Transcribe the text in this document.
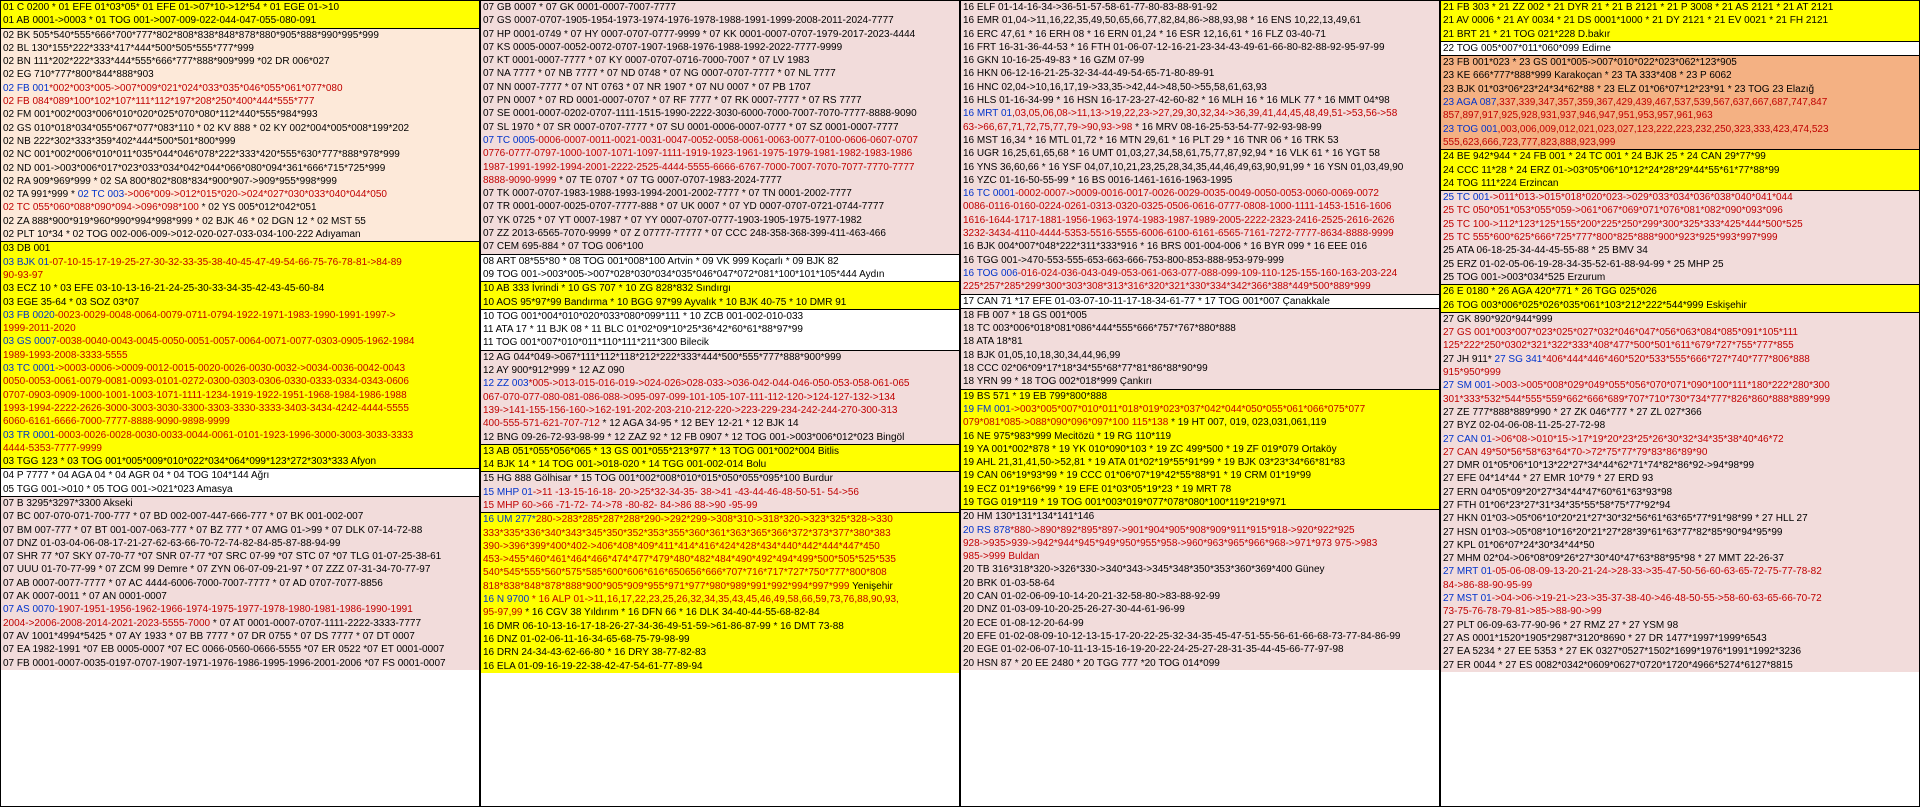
01 C 0200 * 01 EFE 01*03*05* 01 EFE 01->07*10->12*54 * 01 EGE 01->10
01 AB 0001->0003 * 01 TOG 001->007-009-022-044-047-055-080-091
02 BK 505*540*555*666*700*777*802*808*838*848*878*880*905*888*990*995*999
02 BL 130*155*222*333*417*444*500*505*555*777*999
02 BN 111*202*222*333*444*555*666*777*888*909*999 *02 DR 006*027
02 EG 710*777*800*844*888*903
02 FB 001*002*003*005->007*009*021*024*033*035*046*055*061*077*080
02 FB 084*089*100*102*107*111*112*197*208*250*400*444*555*777
02 FM 001*002*003*006*010*020*025*070*080*112*440*555*984*993
02 GS 010*018*034*055*067*077*083*110 * 02 KV 888 * 02 KY 002*004*005*008*199*202
02 NB 222*302*333*359*402*444*500*501*800*999
02 NC 001*002*006*010*011*035*044*046*078*222*333*420*555*630*777*888*978*999
02 ND 001->003*006*017*023*033*034*042*044*066*080*094*361*666*715*725*999
02 RA 909*969*999 * 02 SA 800*802*808*834*900*907->909*955*998*999
02 TA 991*999 * 02 TC 003->006*009->012*015*020->024*027*030*033*040*044*050
02 TC 055*060*088*090*094->096*098*100 * 02 YS 005*012*042*051
02 ZA 888*900*919*960*990*994*998*999 * 02 BJK 46 * 02 DGN 12 * 02 MST 55
02 PLT 10*34 * 02 TOG 002-006-009->012-020-027-033-034-100-222 Adıyaman
03 DB 001
03 BJK 01-07-10-15-17-19-25-27-30-32-33-35-38-40-45-47-49-54-66-75-76-78-81->84-89
90-93-97
03 ECZ 10 * 03 EFE 03-10-13-16-21-24-25-30-33-34-35-42-43-45-60-84
03 EGE 35-64 * 03 SOZ 03*07
03 FB 0020-0023-0029-0048-0064-0079-0711-0794-1922-1971-1983-1990-1991-1997->
1999-2011-2020
03 GS 0007-0038-0040-0043-0045-0050-0051-0057-0064-0071-0077-0303-0905-1962-1984
1989-1993-2008-3333-5555
03 TC 0001->0003-0006->0009-0012-0015-0020-0026-0030-0032->0034-0036-0042-0043
0050-0053-0061-0079-0081-0093-0101-0272-0300-0303-0306-0330-0333-0334-0343-0606
0707-0903-0909-1000-1001-1003-1071-1111-1234-1919-1922-1951-1968-1984-1986-1988
1993-1994-2222-2626-3000-3003-3030-3300-3303-3330-3333-3403-3434-4242-4444-5555
6060-6161-6666-7000-7777-8888-9090-9898-9999
03 TR 0001-0003-0026-0028-0030-0033-0044-0061-0101-1923-1996-3000-3003-3033-3333
4444-5353-7777-9999
03 TGG 123 * 03 TOG 001*005*009*010*022*034*064*099*123*272*303*333 Afyon
04 P 7777 * 04 AGA 04 * 04 AGR 04 * 04 TOG 104*144 Ağrı
05 TGG 001->010 * 05 TOG 001->021*023 Amasya
07 B 3295*3297*3300 Akseki
07 BC 007-070-071-700-777 * 07 BD 002-007-447-666-777 * 07 BK 001-002-007
07 BM 007-777 * 07 BT 001-007-063-777 * 07 BZ 777 * 07 AMG 01->99 * 07 DLK 07-14-72-88
07 DNZ 01-03-04-06-08-17-21-27-62-63-66-70-72-74-82-84-85-87-88-94-99
07 SHR 77 *07 SKY 07-70-77 *07 SNR 07-77 *07 SRC 07-99 *07 STC 07 *07 TLG 01-07-25-38-61
07 UUU 01-70-77-99 * 07 ZCM 99 Demre * 07 ZYN 06-07-09-21-97 * 07 ZZZ 07-31-34-70-77-97
07 AB 0007-0077-7777 * 07 AC 4444-6006-7000-7007-7777 * 07 AD 0707-7077-8856
07 AK 0007-0011 * 07 AN 0001-0007
07 AS 0070-1907-1951-1956-1962-1966-1974-1975-1977-1978-1980-1981-1986-1990-1991
2004->2006-2008-2014-2021-2023-5555-7000 * 07 AT 0001-0007-0707-1111-2222-3333-7777
07 AV 1001*4994*5425 * 07 AY 1933 * 07 BB 7777 * 07 DR 0755 * 07 DS 7777 * 07 DT 0007
07 EA 1982-1991 *07 EB 0005-0007 *07 EC 0066-0560-0666-5555 *07 ER 0522 *07 ET 0001-0007
07 FB 0001-0007-0035-0197-0707-1907-1971-1976-1986-1995-1996-2001-2006 *07 FS 0001-0007
07 GB 0007 * 07 GK 0001-0007-7007-7777
07 GS 0007-0707-1905-1954-1973-1974-1976-1978-1988-1991-1999-2008-2011-2024-7777
07 HP 0001-0749 * 07 HY 0007-0707-0777-9999 * 07 KK 0001-0007-0707-1979-2017-2023-4444
07 KS 0005-0007-0052-0072-0707-1907-1968-1976-1988-1992-2022-7777-9999
07 KT 0001-0007-7777 * 07 KY 0007-0707-0716-7000-7007 * 07 LV 1983
07 NA 7777 * 07 NB 7777 * 07 ND 0748 * 07 NG 0007-0707-7777 * 07 NL 7777
07 NN 0007-7777 * 07 NT 0763 * 07 NR 1907 * 07 NU 0007 * 07 PB 1707
07 PN 0007 * 07 RD 0001-0007-0707 * 07 RF 7777 * 07 RK 0007-7777 * 07 RS 7777
07 SE 0001-0007-0202-0707-1111-1515-1990-2222-3030-6000-7000-7007-7070-7777-8888-9090
07 SL 1970 * 07 SR 0007-0707-7777 * 07 SU 0001-0006-0007-0777 * 07 SZ 0001-0007-7777
07 TC 0005-0006-0007-0011-0021-0031-0047-0052-0058-0061-0063-0077-0100-0606-0607-0707
0776-0777-0797-1000-1007-1071-1097-1111-1919-1923-1961-1975-1979-1981-1982-1983-1986
1987-1991-1992-1994-2001-2222-2525-4444-5555-6666-6767-7000-7007-7070-7077-7770-7777
8888-9090-9999 * 07 TE 0707 * 07 TG 0007-0707-1983-2024-7777
07 TK 0007-0707-1983-1988-1993-1994-2001-2002-7777 * 07 TN 0001-2002-7777
07 TR 0001-0007-0025-0707-7777-888 * 07 UK 0007 * 07 YD 0007-0707-0721-0744-7777
07 YK 0725 * 07 YT 0007-1987 * 07 YY 0007-0707-0777-1903-1905-1975-1977-1982
07 ZZ 2013-6565-7070-9999 * 07 Z 07777-77777 * 07 CCC 248-358-368-399-411-463-466
07 CEM 695-884 * 07 TOG 006*100
08 ART 08*55*80 * 08 TOG 001*008*100 Artvin * 09 VK 999 Koçarlı * 09 BJK 82
09 TOG 001->003*005->007*028*030*034*035*046*047*072*081*100*101*105*444 Aydın
10 AB 333 İvrindi * 10 GS 707 * 10 ZG 828*832 Sındırgı
10 AOS 95*97*99 Bandırma * 10 BGG 97*99 Ayvalık * 10 BJK 40-75 * 10 DMR 91
10 TOG 001*004*010*020*033*080*099*111 * 10 ZCB 001-002-010-033
11 ATA 17 * 11 BJK 08 * 11 BLC 01*02*09*10*25*36*42*60*61*88*97*99
11 TOG 001*007*010*011*110*111*211*300 Bilecik
12 AG 044*049->067*111*112*118*212*222*333*444*500*555*777*888*900*999
12 AY 900*912*999 * 12 AZ 090
12 ZZ 003*005->013-015-016-019->024-026>028-033->036-042-044-046-050-053-058-061-065
067-070-077-080-081-086-088->095-097-099-101-105-107-111-112-120->124-127-132->134
139->141-155-156-160->162-191-202-203-210-212-220->223-229-234-242-244-270-300-313
400-555-571-621-707-712 * 12 AGA 34-95 * 12 BEY 12-21 * 12 BJK 14
12 BNG 09-26-72-93-98-99 * 12 ZAZ 92 * 12 FB 0907 * 12 TOG 001->003*006*012*023 Bingöl
13 AB 051*055*056*065 * 13 GS 001*055*213*977 * 13 TOG 001*002*004 Bitlis
14 BJK 14 * 14 TOG 001->018-020 * 14 TGG 001-002-014 Bolu
15 HG 888 Gölhisar * 15 TOG 001*002*008*010*015*050*055*095*100 Burdur
15 MHP 01->11 -13-15-16-18- 20->25*32-34-35- 38->41 -43-44-46-48-50-51- 54->56
15 MHP 60->66 -71-72- 74->78 -80-82- 84->86 88->90 -95-99
16 UM 277*280->283*285*287*288*290->292*299->308*310->318*320->323*325*328->330
333*335*336*340*343*345*350*352*353*355*360*361*363*365*366*372*373*377*380*383
390->396*399*400*402->406*408*409*411*414*416*424*428*434*440*442*444*447*450
453->455*460*461*464*466*474*477*479*480*482*484*490*492*494*499*500*505*525*535
540*545*555*560*575*585*600*606*616*650656*666*707*716*717*727*750*777*800*808
818*838*848*878*888*900*905*909*955*971*977*980*989*991*992*994*997*999 Yenişehir
16 N 9700 * 16 ALP 01->11,16,17,22,23,25,26,32,34,35,43,45,46,49,58,66,59,73,76,88,90,93,
95-97,99 * 16 CGV 38 Yıldırım * 16 DFN 66 * 16 DLK 34-40-44-55-68-82-84
16 DMR 06-10-13-16-17-18-26-27-34-36-49-51-59->61-86-87-99 * 16 DMT 73-88
16 DNZ 01-02-06-11-16-34-65-68-75-79-98-99
16 DRN 24-34-43-62-66-80 * 16 DRY 38-77-82-83
16 ELA 01-09-16-19-22-38-42-47-54-61-77-89-94
16 ELF 01-14-16-34->36-51-57-58-61-77-80-83-88-91-92
16 EMR 01,04->11,16,22,35,49,50,65,66,77,82,84,86->88,93,98 * 16 ENS 10,22,13,49,61
16 ERC 47,61 * 16 ERH 08 * 16 ERN 01,24 * 16 ESR 12,16,61 * 16 FLZ 03-40-71
16 FRT 16-31-36-44-53 * 16 FTH 01-06-07-12-16-21-23-34-43-49-61-66-80-82-88-92-95-97-99
16 GKN 10-16-25-49-83 * 16 GZM 07-99
16 HKN 06-12-16-21-25-32-34-44-49-54-65-71-80-89-91
16 HNC 02,04->10,16,17,19->33,35->42,44->48,50->55,58,61,63,93
16 HLS 01-16-34-99 * 16 HSN 16-17-23-27-42-60-82 * 16 MLH 16 * 16 MLK 77 * 16 MMT 04*98
16 MRT 01,03,05,06,08->11,13->19,22,23->27,29,30,32,34->36,39,41,44,45,48,49,51->53,56->58
63->66,67,71,72,75,77,79->90,93->98 * 16 MRV 08-16-25-53-54-77-92-93-98-99
16 MST 16,34 * 16 MTL 01,72 * 16 MTN 29,61 * 16 PLT 29 * 16 TNR 06 * 16 TRK 53
16 UGR 16,25,61,65,68 * 16 UMT 01,03,27,34,58,61,75,77,87,92,94 * 16 VLK 61 * 16 YGT 58
16 YNS 36,60,66 * 16 YSF 04,07,10,21,23,25,28,34,35,44,46,49,63,90,91,99 * 16 YSN 01,03,49,90
16 YZC 01-16-50-55-99 * 16 BS 0016-1461-1616-1963-1995
16 TC 0001-0002-0007->0009-0016-0017-0026-0029-0035-0049-0050-0053-0060-0069-0072
0086-0116-0160-0224-0261-0313-0320-0325-0506-0616-0777-0808-1000-1111-1453-1516-1606
1616-1644-1717-1881-1956-1963-1974-1983-1987-1989-2005-2222-2323-2416-2525-2616-2626
3232-3434-4110-4444-5353-5516-5555-6006-6100-6161-6565-7161-7272-7777-8634-8888-9999
16 BJK 004*007*048*222*311*333*916 * 16 BRS 001-004-006 * 16 BYR 099 * 16 EEE 016
16 TGG 001->470-553-555-653-663-666-753-800-853-888-953-979-999
16 TOG 006-016-024-036-043-049-053-061-063-077-088-099-109-110-125-155-160-163-203-224
225*257*285*299*300*303*308*313*316*320*321*330*334*342*366*388*449*500*889*999
17 CAN 71 *17 EFE 01-03-07-10-11-17-18-34-61-77 * 17 TOG 001*007 Çanakkale
18 FB 007 * 18 GS 001*005
18 TC 003*006*018*081*086*444*555*666*757*767*880*888
18 ATA 18*81
18 BJK 01,05,10,18,30,34,44,96,99
18 CCC 02*06*09*17*18*34*55*68*77*81*86*88*90*99
18 YRN 99 * 18 TOG 002*018*999 Çankırı
19 BS 571 * 19 EB 799*800*888
19 FM 001->003*005*007*010*011*018*019*023*037*042*044*050*055*061*066*075*077
079*081*085->088*090*096*097*100 115*138 * 19 HT 007, 019, 023,031,061,119
16 NE 975*983*999 Mecitözü * 19 RG 110*119
19 YA 001*002*878 * 19 YK 010*090*103 * 19 ZC 499*500 * 19 ZF 019*079 Ortaköy
19 AHL 21,31,41,50->52,81 * 19 ATA 01*02*19*55*91*99 * 19 BJK 03*23*34*66*81*83
19 CAN 06*19*93*99 * 19 CCC 01*06*07*19*42*55*88*91 * 19 CRM 01*19*99
19 ECZ 01*19*66*99 * 19 EFE 01*03*05*19*23 * 19 MRT 78
19 TGG 019*119 * 19 TOG 001*003*019*077*078*080*100*119*219*971
20 HM 130*131*134*141*146
20 RS 878*880->890*892*895*897->901*904*905*908*909*911*915*918->920*922*925
928->935>939->942*944*945*949*950*955*958->960*963*965*966*968->971*973 975->983
985->999 Buldan
20 TB 316*318*320->326*330->340*343->345*348*350*353*360*369*400 Güney
20 BRK 01-03-58-64
20 CAN 01-02-06-09-10-14-20-21-32-58-80->83-88-92-99
20 DNZ 01-03-09-10-20-25-26-27-30-44-61-96-99
20 ECE 01-08-12-20-64-99
20 EFE 01-02-08-09-10-12-13-15-17-20-22-25-32-34-35-45-47-51-55-56-61-66-68-73-77-84-86-99
20 EGE 01-02-06-07-10-11-13-15-16-19-20-22-24-25-27-28-31-35-44-45-66-77-97-98
20 HSN 87 * 20 EE 2480 * 20 TGG 777 *20 TOG 014*099
21 FB 303 * 21 ZZ 002 * 21 DYR 21 * 21 B 2121 * 21 P 3008 * 21 AS 2121 * 21 AT 2121
21 AV 0006 * 21 AY 0034 * 21 DS 0001*1000 * 21 DY 2121 * 21 EV 0021 * 21 FH 2121
21 BRT 21 * 21 TOG 021*228 D.bakır
22 TOG 005*007*011*060*099 Edirne
23 FB 001*023 * 23 GS 001*005->007*010*022*023*062*123*905
23 KE 666*777*888*999 Karakoçan * 23 TA 333*408 * 23 P 6062
23 BJK 01*03*06*23*24*34*62*88 * 23 ELZ 01*06*07*12*23*91 * 23 TOG 23 Elazığ
23 AGA 087,337,339,347,357,359,367,429,439,467,537,539,567,637,667,687,747,847
857,897,917,925,928,931,937,946,947,951,953,957,961,963
23 TOG 001,003,006,009,012,021,023,027,123,222,223,232,250,323,333,423,474,523
555,623,666,723,777,823,888,923,999
24 BE 942*944 * 24 FB 001 * 24 TC 001 * 24 BJK 25 * 24 CAN 29*77*99
24 CCC 11*28 * 24 ERZ 01->03*05*06*10*12*24*28*29*44*55*61*77*88*99
24 TOG 111*224 Erzincan
25 TC 001->011*013->015*018*020*023->029*033*034*036*038*040*041*044
25 TC 050*051*053*055*059->061*067*069*071*076*081*082*090*093*096
25 TC 100->112*123*125*155*200*225*250*299*300*325*333*425*444*500*525
25 TC 555*600*625*666*725*777*800*825*888*900*923*925*993*997*999
25 ATA 06-18-25-34-44-45-55-88 * 25 BMV 34
25 ERZ 01-02-05-06-19-28-34-35-52-61-88-94-99 * 25 MHP 25
25 TOG 001->003*034*525 Erzurum
26 E 0180 * 26 AGA 420*771 * 26 TGG 025*026
26 TOG 003*006*025*026*035*061*103*212*222*544*999 Eskişehir
27 GK 890*920*944*999
27 GS 001*003*007*023*025*027*032*046*047*056*063*084*085*091*105*111
125*222*250*0302*321*322*333*408*477*500*501*611*679*727*755*777*855
27 JH 911* 27 SG 341*406*444*446*460*520*533*555*666*727*740*777*806*888
915*950*999
27 SM 001->003->005*008*029*049*055*056*070*071*090*100*111*180*222*280*300
301*333*532*544*555*559*662*666*689*707*710*730*734*777*826*860*888*889*999
27 ZE 777*888*889*990 * 27 ZK 046*777 * 27 ZL 027*366
27 BYZ 02-04-06-08-11-25-27-72-98
27 CAN 01->06*08->010*15->17*19*20*23*25*26*30*32*34*35*38*40*46*72
27 CAN 49*50*56*58*63*64*70->72*75*77*79*83*86*89*90
27 DMR 01*05*06*10*13*22*27*34*44*62*71*74*82*86*92->94*98*99
27 EFE 04*14*44 * 27 EMR 10*79 * 27 ERD 93
27 ERN 04*05*09*20*27*34*44*47*60*61*63*93*98
27 FTH 01*06*23*27*31*34*35*55*58*75*77*92*94
27 HKN 01*03->05*06*10*20*21*27*30*32*56*61*63*65*77*91*98*99 * 27 HLL 27
27 HSN 01*03->05*08*10*16*20*21*27*28*39*61*63*77*82*85*90*94*95*99
27 KPL 01*06*07*24*30*34*44*50
27 MHM 02*04->06*08*09*26*27*30*40*47*63*88*95*98 * 27 MMT 22-26-37
27 MRT 01-05-06-08-09-13-20-21-24->28-33->35-47-50-56-60-63-65-72-75-77-78-82
84->86-88-90-95-99
27 MST 01->04->06->19-21->23->35-37-38-40->46-48-50-55->58-60-63-65-66-70-72
73-75-76-78-79-81->85->88-90->99
27 PLT 06-09-63-77-90-96 * 27 RMZ 27 * 27 YSM 98
27 AS 0001*1520*1905*2987*3120*8690 * 27 DR 1477*1997*1999*6543
27 EA 5234 * 27 EE 5353 * 27 EK 0327*0527*1502*1699*1976*1991*1992*3236
27 ER 0044 * 27 ES 0082*0342*0609*0627*0720*1720*4966*5274*6127*8815
